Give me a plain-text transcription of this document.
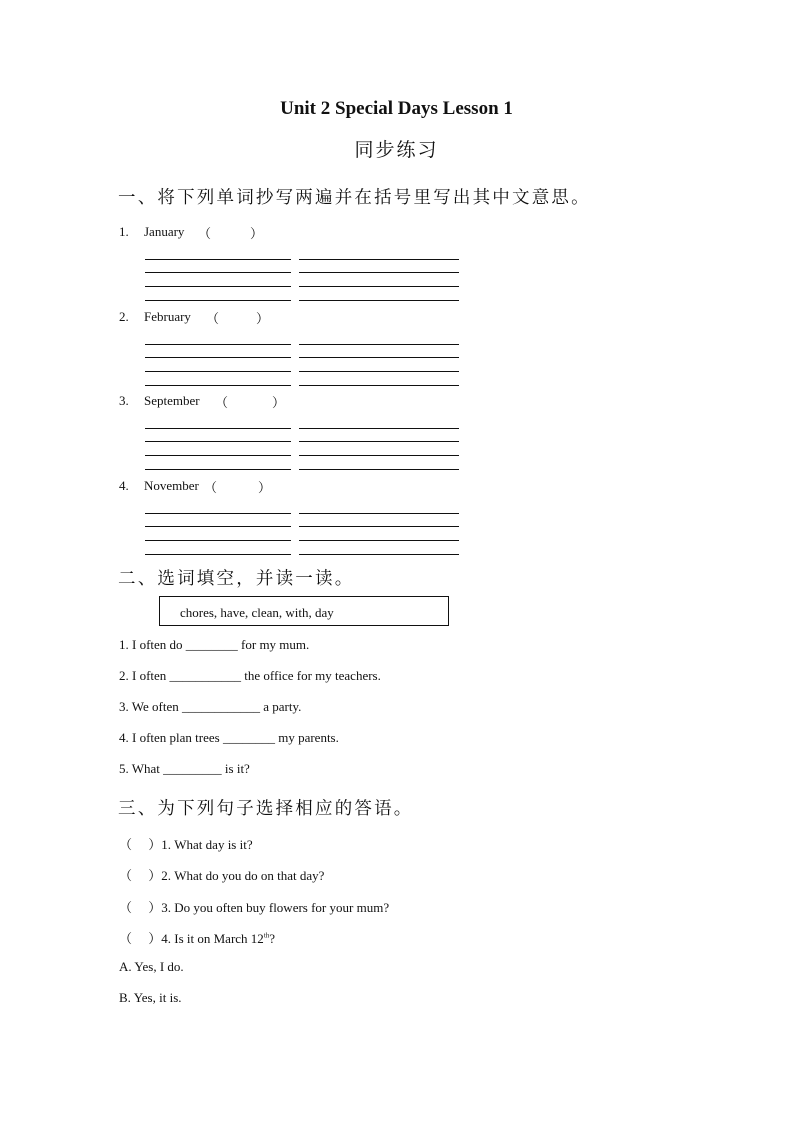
Unit 2 Special Days Lesson 1
同步练习
一、将下列单词抄写两遍并在括号里写出其中文意思。
1. January （	）
2. February （	）
3. September （	）
4. November （	）
二、选词填空，并读一读。
chores, have, clean, with, day
1. I often do ________ for my mum.
2. I often ___________ the office for my teachers.
3. We often ____________ a party.
4. I often plan trees ________ my parents.
5. What _________ is it?
三、为下列句子选择相应的答语。
（　 ）1. What day is it?
（　 ）2. What do you do on that day?
（　 ）3. Do you often buy flowers for your mum?
（　 ）4. Is it on March 12th?
A. Yes, I do.
B. Yes, it is.
